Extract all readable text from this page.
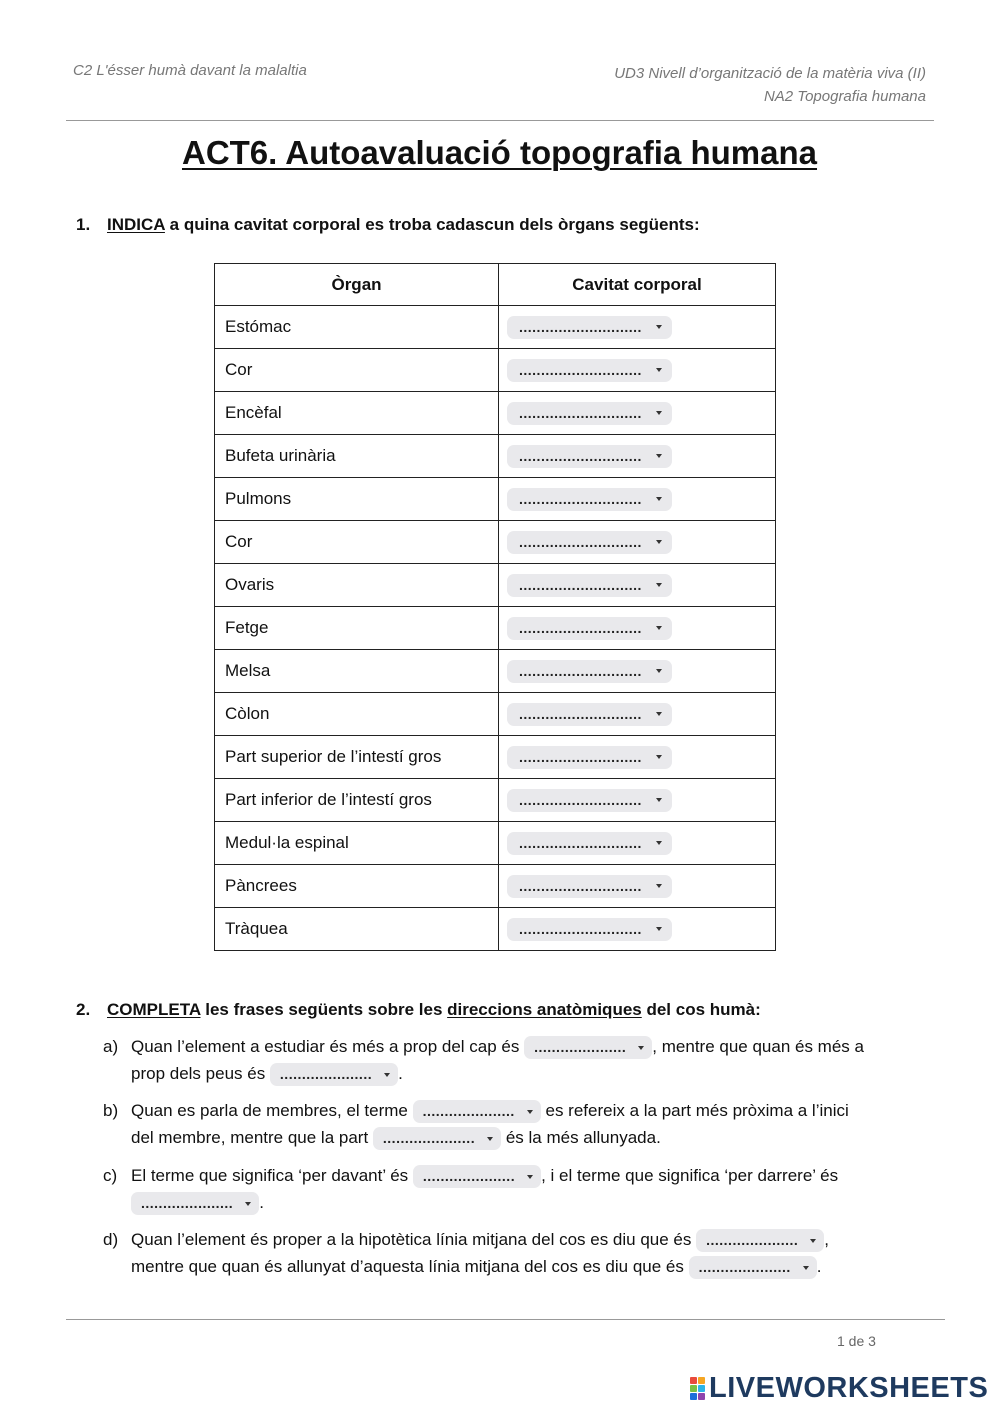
C2 L'ésser humà davant la malaltia	UD3 Nivell d’organització de la matèria viva (II)
NA2 Topografia humana
ACT6. Autoavaluació topografia humana
1. INDICA a quina cavitat corporal es troba cadascun dels òrgans següents:
Òrgan	Cavitat corporal
Estómac	............................

Cor	............................

Encèfal	............................

Bufeta urinària	............................

Pulmons	............................

Cor	............................

Ovaris	............................

Fetge	............................

Melsa	............................

Còlon	............................

Part superior de l’intestí gros	............................

Part inferior de l’intestí gros	............................

Medul·la espinal	............................

Pàncrees	............................

Tràquea	............................
2. COMPLETA les frases següents sobre les direccions anatòmiques del cos humà:
a) Quan l’element a estudiar és més a prop del cap és ..................... , mentre que quan és més a
prop dels peus és ..................... .
b) Quan es parla de membres, el terme ..................... es refereix a la part més pròxima a l’inici
del membre, mentre que la part ..................... és la més allunyada.
c) El terme que significa ‘per davant’ és ..................... , i el terme que significa ‘per darrere’ és
..................... .
d) Quan l’element és proper a la hipotètica línia mitjana del cos es diu que és ..................... ,
mentre que quan és allunyat d’aquesta línia mitjana del cos es diu que és ..................... .
1 de 3
LIVEWORKSHEETS
